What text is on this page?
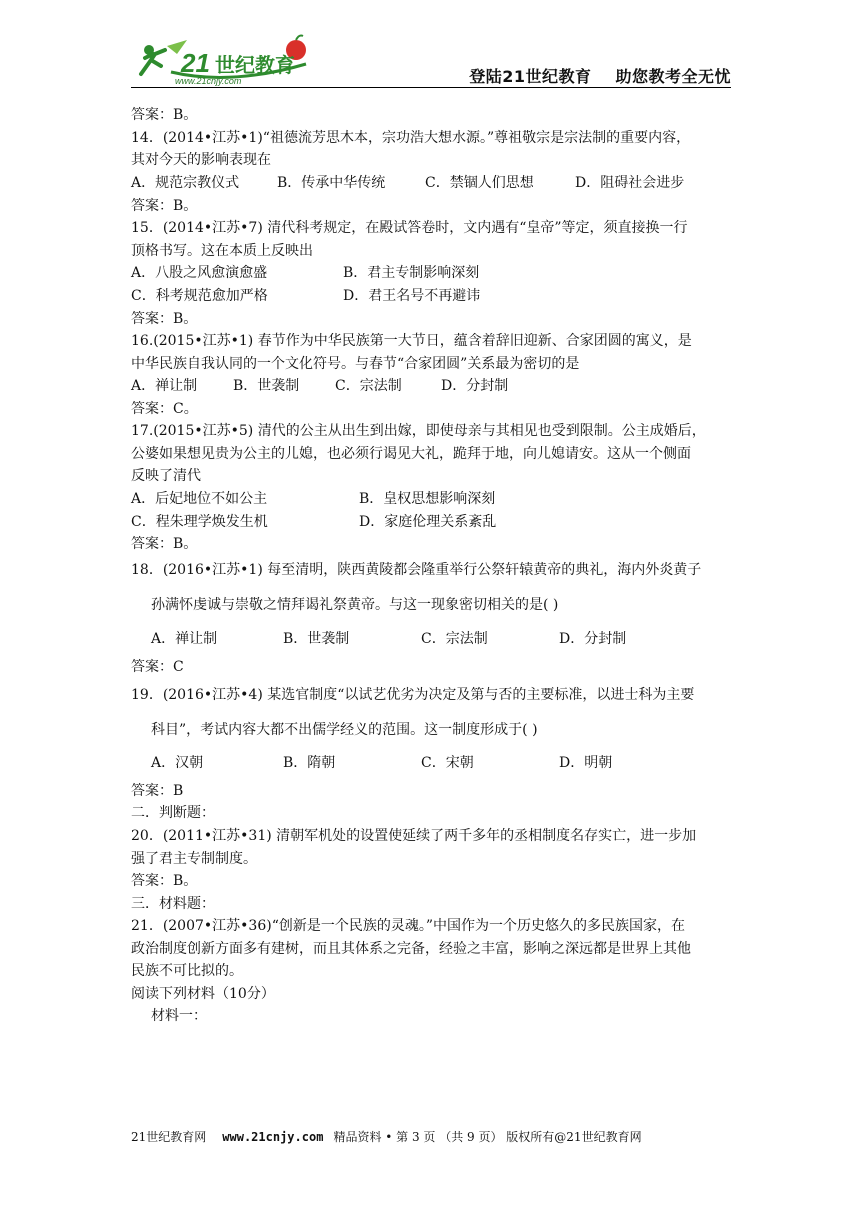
21 世纪教育
www.21cnjy.com	登陆21世纪教育 助您教考全无忧
答案：B。
14．(2014•江苏•1)“祖德流芳思木本，宗功浩大想水源。”尊祖敬宗是宗法制的重要内容，
其对今天的影响表现在
A．规范宗教仪式	B．传承中华传统	C．禁锢人们思想	D．阻碍社会进步
答案：B。
15．(2014•江苏•7) 清代科考规定，在殿试答卷时，文内遇有“皇帝”等定，须直接换一行
顶格书写。这在本质上反映出
A．八股之风愈演愈盛	B．君主专制影响深刻
C．科考规范愈加严格	D．君王名号不再避讳
答案：B。
16.(2015•江苏•1) 春节作为中华民族第一大节日，蕴含着辞旧迎新、合家团圆的寓义，是
中华民族自我认同的一个文化符号。与春节“合家团圆”关系最为密切的是
A．禅让制	B．世袭制	C．宗法制	D．分封制
答案：C。
17.(2015•江苏•5) 清代的公主从出生到出嫁，即使母亲与其相见也受到限制。公主成婚后，
公婆如果想见贵为公主的儿媳，也必须行谒见大礼，跪拜于地，向儿媳请安。这从一个侧面
反映了清代
A．后妃地位不如公主	B．皇权思想影响深刻
C．程朱理学焕发生机	D．家庭伦理关系紊乱
答案：B。
18．(2016•江苏•1) 每至清明，陕西黄陵都会隆重举行公祭轩辕黄帝的典礼，海内外炎黄子
孙满怀虔诚与崇敬之情拜谒礼祭黄帝。与这一现象密切相关的是( )
A．禅让制	B．世袭制	C．宗法制	D．分封制
答案：C
19．(2016•江苏•4) 某选官制度“以试艺优劣为决定及第与否的主要标准，以进士科为主要
科目”，考试内容大都不出儒学经义的范围。这一制度形成于( )
A．汉朝	B．隋朝	C．宋朝	D．明朝
答案：B
二．判断题：
20．(2011•江苏•31) 清朝军机处的设置使延续了两千多年的丞相制度名存实亡，进一步加
强了君主专制制度。
答案：B。
三．材料题：
21．(2007•江苏•36)“创新是一个民族的灵魂。”中国作为一个历史悠久的多民族国家，在
政治制度创新方面多有建树，而且其体系之完备，经验之丰富，影响之深远都是世界上其他
民族不可比拟的。
阅读下列材料（10分）
材料一：
21世纪教育网 www.21cnjy.com 精品资料 • 第 3 页 （共 9 页） 版权所有@21世纪教育网
